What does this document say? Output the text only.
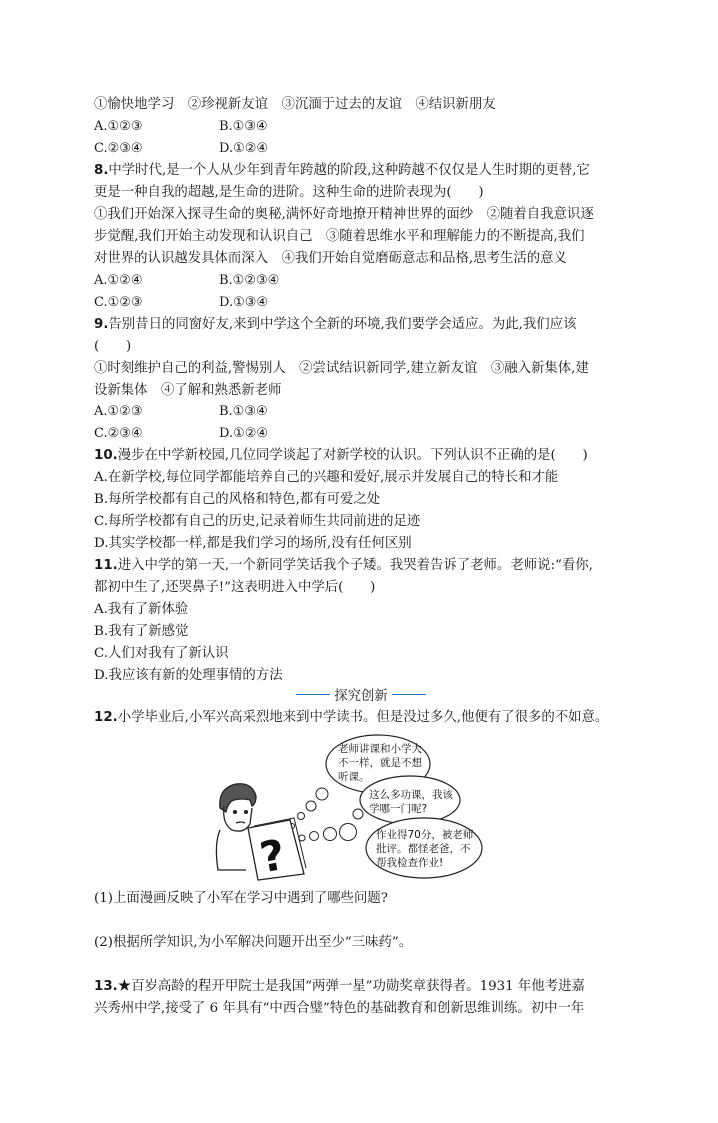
①愉快地学习　②珍视新友谊　③沉湎于过去的友谊　④结识新朋友
A.①②③	B.①③④
C.②③④	D.①②④
8.中学时代,是一个人从少年到青年跨越的阶段,这种跨越不仅仅是人生时期的更替,它
更是一种自我的超越,是生命的进阶。这种生命的进阶表现为(　　)
①我们开始深入探寻生命的奥秘,满怀好奇地撩开精神世界的面纱　②随着自我意识逐
步觉醒,我们开始主动发现和认识自己　③随着思维水平和理解能力的不断提高,我们
对世界的认识越发具体而深入　④我们开始自觉磨砺意志和品格,思考生活的意义
A.①②④	B.①②③④
C.①②③	D.①③④
9.告别昔日的同窗好友,来到中学这个全新的环境,我们要学会适应。为此,我们应该
(　　)
①时刻维护自己的利益,警惕别人　②尝试结识新同学,建立新友谊　③融入新集体,建
设新集体　④了解和熟悉新老师
A.①②③	B.①③④
C.②③④	D.①②④
10.漫步在中学新校园,几位同学谈起了对新学校的认识。下列认识不正确的是(　　)
A.在新学校,每位同学都能培养自己的兴趣和爱好,展示并发展自己的特长和才能
B.每所学校都有自己的风格和特色,都有可爱之处
C.每所学校都有自己的历史,记录着师生共同前进的足迹
D.其实学校都一样,都是我们学习的场所,没有任何区别
11.进入中学的第一天,一个新同学笑话我个子矮。我哭着告诉了老师。老师说:“看你,
都初中生了,还哭鼻子!”这表明进入中学后(　　)
A.我有了新体验
B.我有了新感觉
C.人们对我有了新认识
D.我应该有新的处理事情的方法
探究创新
12.小学毕业后,小军兴高采烈地来到中学读书。但是没过多久,他便有了很多的不如意。
老师讲课和小学大
不一样，就是不想
听课。
这么多功课，我该
学哪一门呢?
作业得70分，被老师
批评。都怪老爸，不
帮我检查作业!
?
(1)上面漫画反映了小军在学习中遇到了哪些问题?
(2)根据所学知识,为小军解决问题开出至少“三味药”。
13.★百岁高龄的程开甲院士是我国“两弹一星”功勋奖章获得者。1931 年他考进嘉
兴秀州中学,接受了 6 年具有“中西合璧”特色的基础教育和创新思维训练。初中一年
